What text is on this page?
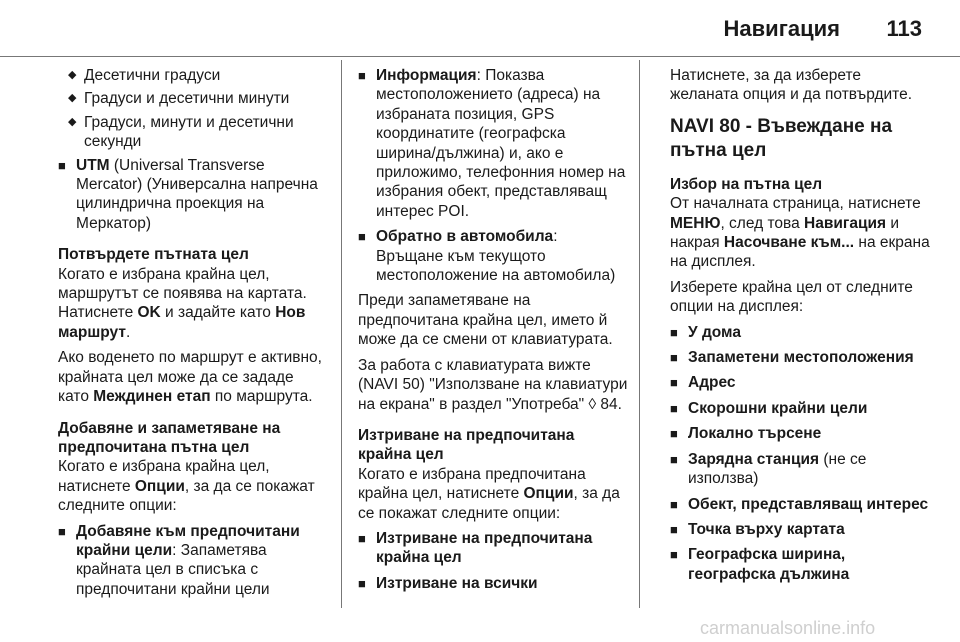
Навигация 113
◆ Десетични градуси
◆ Градуси и десетични минути
◆ Градуси, минути и десетични секунди
■ UTM (Universal Transverse Mercator) (Универсална напречна цилиндрична проекция на Меркатор)

Потвърдете пътната цел

Когато е избрана крайна цел, маршрутът се появява на картата. Натиснете OK и задайте като Нов маршрут.

Ако воденето по маршрут е активно, крайната цел може да се зададе като Междинен етап по маршрута.

Добавяне и запаметяване на предпочитана пътна цел

Когато е избрана крайна цел, натиснете Опции, за да се покажат следните опции:

■ Добавяне към предпочитани крайни цели: Запаметява крайната цел в списъка с предпочитани крайни цели
■ Информация: Показва местоположението (адреса) на избраната позиция, GPS координатите (географска ширина/дължина) и, ако е приложимо, телефонния номер на избрания обект, представляващ интерес POI.
■ Обратно в автомобила: Връщане към текущото местоположение на автомобила)

Преди запаметяване на предпочитана крайна цел, името й може да се смени от клавиатурата.

За работа с клавиатурата вижте (NAVI 50) "Използване на клавиатури на екрана" в раздел "Употреба" ◊ 84.

Изтриване на предпочитана крайна цел

Когато е избрана предпочитана крайна цел, натиснете Опции, за да се покажат следните опции:

■ Изтриване на предпочитана крайна цел
■ Изтриване на всички

Натиснете, за да изберете желаната опция и да потвърдите.

NAVI 80 - Въвеждане на пътна цел

Избор на пътна цел

От началната страница, натиснете МЕНЮ, след това Навигация и накрая Насочване към... на екрана на дисплея.

Изберете крайна цел от следните опции на дисплея:

■ У дома
■ Запаметени местоположения
■ Адрес
■ Скорошни крайни цели
■ Локално търсене
■ Зарядна станция (не се използва)
■ Обект, представляващ интерес
■ Точка върху картата
■ Географска ширина, географска дължина
carmanualsonline.info
